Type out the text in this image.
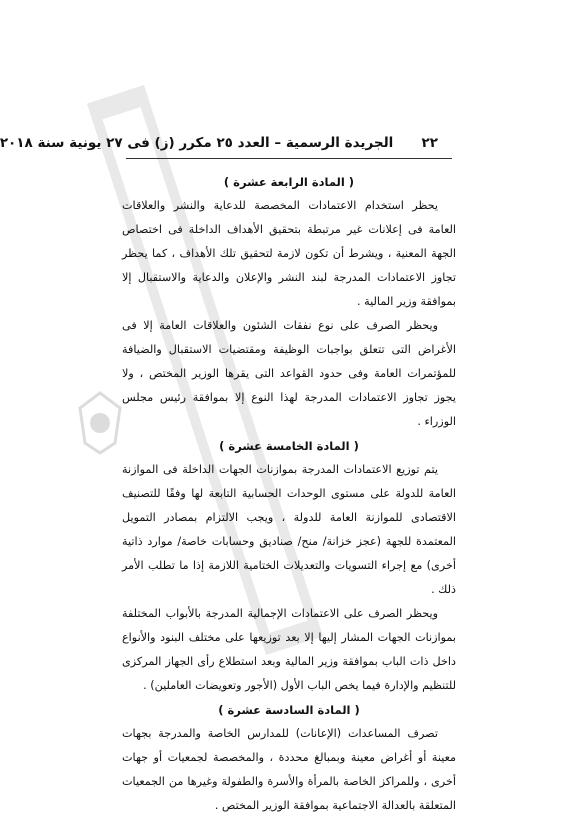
٢٢      الجريدة الرسمية – العدد ٢٥ مكرر (ز) فى ٢٧ يونية سنة ٢٠١٨
( المادة الرابعة عشرة )

يحظر استخدام الاعتمادات المخصصة للدعاية والنشر والعلاقات العامة فى إعلانات غير مرتبطة بتحقيق الأهداف الداخلة فى اختصاص الجهة المعنية ، ويشرط أن تكون لازمة لتحقيق تلك الأهداف ، كما يحظر تجاوز الاعتمادات المدرجة لبند النشر والإعلان والدعاية والاستقبال إلا بموافقة وزير المالية .

ويحظر الصرف على نوع نفقات الشئون والعلاقات العامة إلا فى الأغراض التى تتعلق بواجبات الوظيفة ومقتضيات الاستقبال والضيافة للمؤتمرات العامة وفى حدود القواعد التى يقرها الوزير المختص ، ولا يجوز تجاوز الاعتمادات المدرجة لهذا النوع إلا بموافقة رئيس مجلس الوزراء .

( المادة الخامسة عشرة )

يتم توزيع الاعتمادات المدرجة بموازنات الجهات الداخلة فى الموازنة العامة للدولة على مستوى الوحدات الحسابية التابعة لها وفقًا للتصنيف الاقتصادى للموازنة العامة للدولة ، ويجب الالتزام بمصادر التمويل المعتمدة للجهة (عجز خزانة/ منح/ صناديق وحسابات خاصة/ موارد ذاتية أخرى) مع إجراء التسويات والتعديلات الختامية اللازمة إذا ما تطلب الأمر ذلك .

ويحظر الصرف على الاعتمادات الإجمالية المدرجة بالأبواب المختلفة بموازنات الجهات المشار إليها إلا بعد توزيعها على مختلف البنود والأنواع داخل ذات الباب بموافقة وزير المالية وبعد استطلاع رأى الجهاز المركزى للتنظيم والإدارة فيما يخص الباب الأول (الأجور وتعويضات العاملين) .

( المادة السادسة عشرة )

تصرف المساعدات (الإعانات) للمدارس الخاصة والمدرجة بجهات معينة أو أغراض معينة وبمبالغ محددة ، والمخصصة لجمعيات أو جهات أخرى ، وللمراكز الخاصة بالمرأة والأسرة والطفولة وغيرها من الجمعيات المتعلقة بالعدالة الاجتماعية بموافقة الوزير المختص .
